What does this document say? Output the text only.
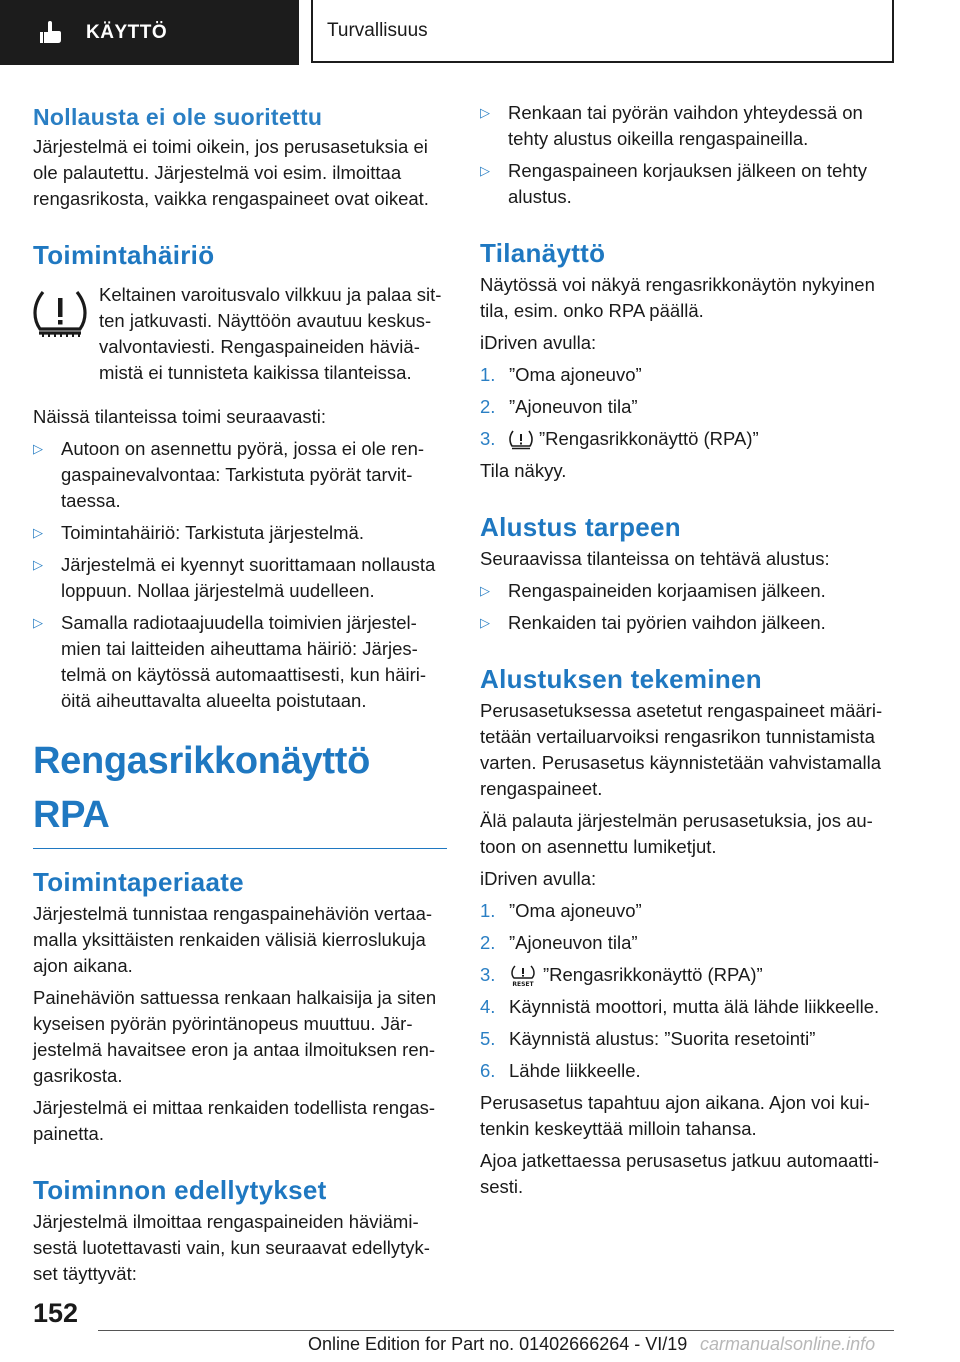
KÄYTTÖ	Turvallisuus
Nollausta ei ole suoritettu

Järjestelmä ei toimi oikein, jos perusasetuksia ei ole palautettu. Järjestelmä voi esim. ilmoittaa rengasrikosta, vaikka rengaspaineet ovat oikeat.

Toimintahäiriö

Keltainen varoitusvalo vilkkuu ja palaa sitten jatkuvasti. Näyttöön avautuu keskusvalvontaviesti. Rengaspaineiden häviämistä ei tunnisteta kaikissa tilanteissa.

Näissä tilanteissa toimi seuraavasti:

▷ Autoon on asennettu pyörä, jossa ei ole rengaspainevalvontaa: Tarkistuta pyörät tarvittaessa.
▷ Toimintahäiriö: Tarkistuta järjestelmä.
▷ Järjestelmä ei kyennyt suorittamaan nollausta loppuun. Nollaa järjestelmä uudelleen.
▷ Samalla radiotaajuudella toimivien järjestelmien tai laitteiden aiheuttama häiriö: Järjestelmä on käytössä automaattisesti, kun häiriöitä aiheuttavalta alueelta poistutaan.
Rengasrikkonäyttö RPA
Toimintaperiaate

Järjestelmä tunnistaa rengaspainehäviön vertaamalla yksittäisten renkaiden välisiä kierroslukuja ajon aikana.

Painehäviön sattuessa renkaan halkaisija ja siten kyseisen pyörän pyörintänopeus muuttuu. Järjestelmä havaitsee eron ja antaa ilmoituksen rengasrikosta.

Järjestelmä ei mittaa renkaiden todellista rengaspainetta.

Toiminnon edellytykset

Järjestelmä ilmoittaa rengaspaineiden häviämisestä luotettavasti vain, kun seuraavat edellytykset täyttyvät:

▷ Renkaan tai pyörän vaihdon yhteydessä on tehty alustus oikeilla rengaspaineilla.
▷ Rengaspaineen korjauksen jälkeen on tehty alustus.
Tilanäyttö

Näytössä voi näkyä rengasrikkonäytön nykyinen tila, esim. onko RPA päällä.

iDriven avulla:

1. ”Oma ajoneuvo”
2. ”Ajoneuvon tila”
3. ”Rengasrikkonäyttö (RPA)”

Tila näkyy.

Alustus tarpeen

Seuraavissa tilanteissa on tehtävä alustus:

▷ Rengaspaineiden korjaamisen jälkeen.
▷ Renkaiden tai pyörien vaihdon jälkeen.
Alustuksen tekeminen

Perusasetuksessa asetetut rengaspaineet määritetään vertailuarvoiksi rengasrikon tunnistamista varten. Perusasetus käynnistetään vahvistamalla rengaspaineet.

Älä palauta järjestelmän perusasetuksia, jos autoon on asennettu lumiketjut.

iDriven avulla:

1. ”Oma ajoneuvo”
2. ”Ajoneuvon tila”
3.	RESET ”Rengasrikkonäyttö (RPA)”
4. Käynnistä moottori, mutta älä lähde liikkeelle.
5. Käynnistä alustus: ”Suorita resetointi”
6. Lähde liikkeelle.

Perusasetus tapahtuu ajon aikana. Ajon voi kuitenkin keskeyttää milloin tahansa.

Ajoa jatkettaessa perusasetus jatkuu automaattisesti.

152
Online Edition for Part no. 01402666264 - VI/19 carmanualsonline.info
